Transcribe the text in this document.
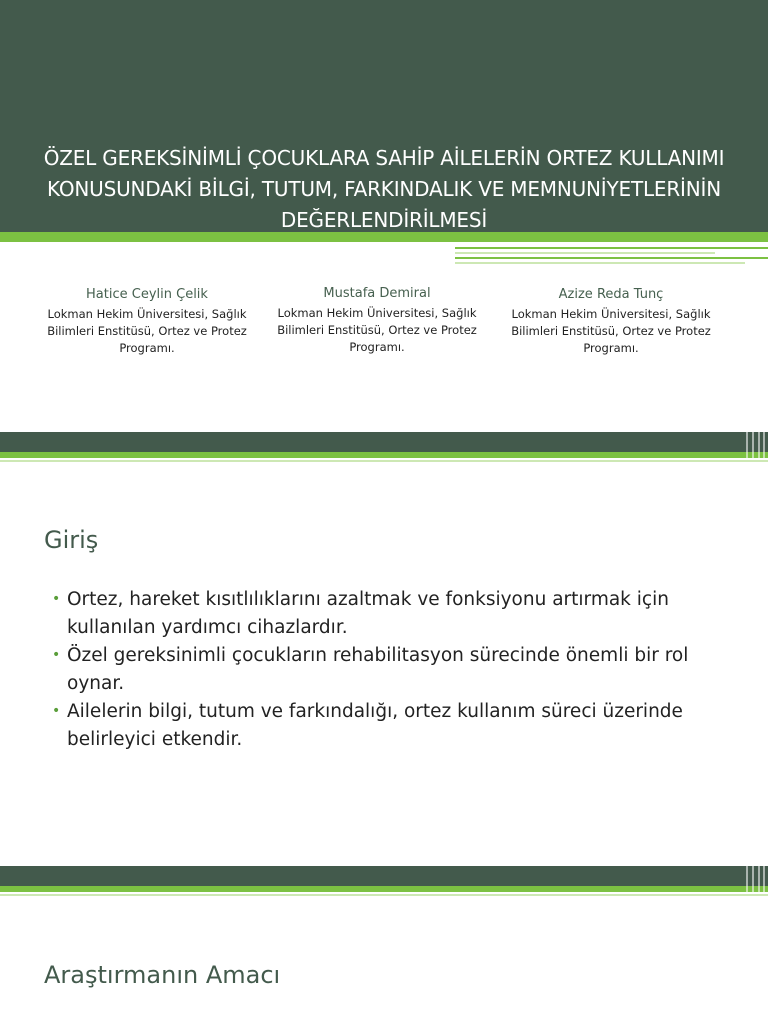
ÖZEL GEREKSİNİMLİ ÇOCUKLARA SAHİP AİLELERİN ORTEZ KULLANIMI KONUSUNDAKİ BİLGİ, TUTUM, FARKINDALIK VE MEMNUNİYETLERİNİN DEĞERLENDİRİLMESİ
Hatice Ceylin Çelik
Lokman Hekim Üniversitesi, Sağlık Bilimleri Enstitüsü, Ortez ve Protez Programı.
Mustafa Demiral
Lokman Hekim Üniversitesi, Sağlık Bilimleri Enstitüsü, Ortez ve Protez Programı.
Azize Reda Tunç
Lokman Hekim Üniversitesi, Sağlık Bilimleri Enstitüsü, Ortez ve Protez Programı.
Giriş
• Ortez, hareket kısıtlılıklarını azaltmak ve fonksiyonu artırmak için kullanılan yardımcı cihazlardır.
• Özel gereksinimli çocukların rehabilitasyon sürecinde önemli bir rol oynar.
• Ailelerin bilgi, tutum ve farkındalığı, ortez kullanım süreci üzerinde belirleyici etkendir.
Araştırmanın Amacı
